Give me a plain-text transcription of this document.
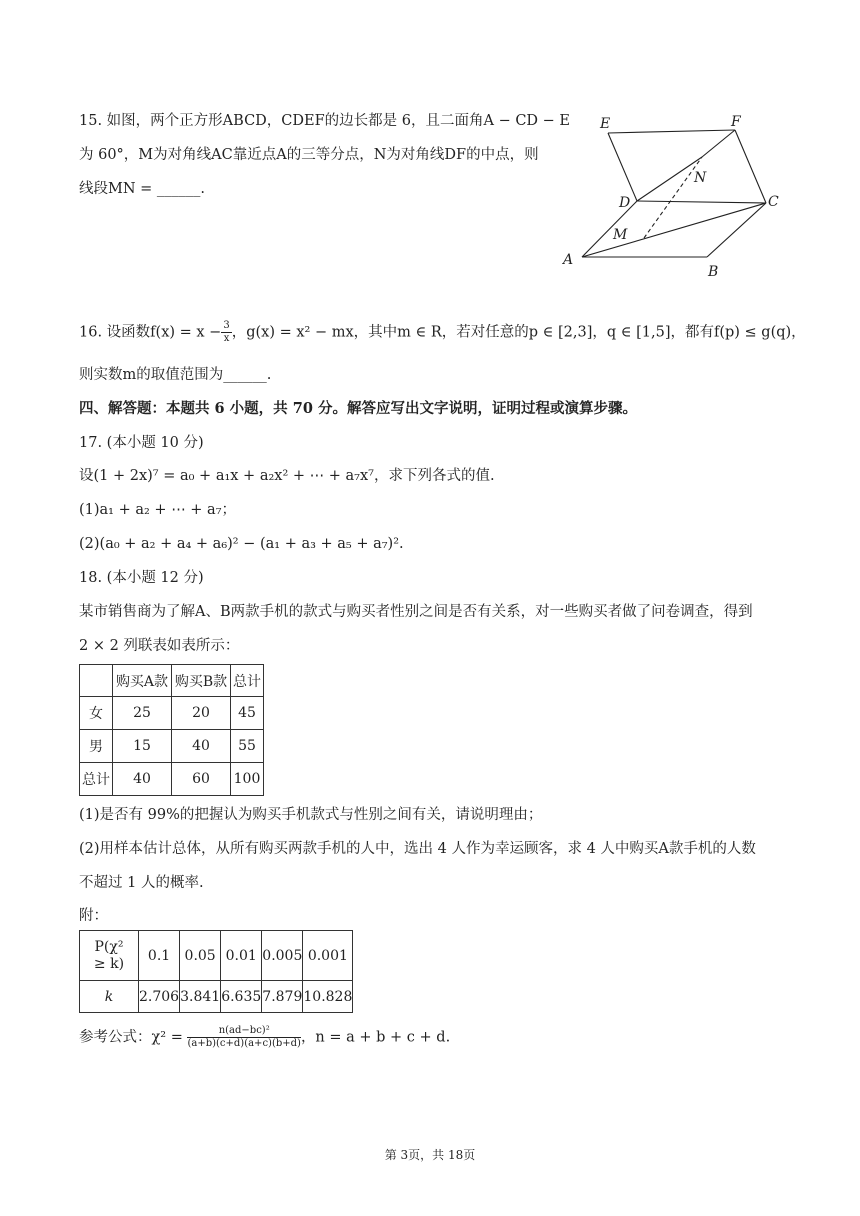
15. 如图，两个正方形ABCD，CDEF的边长都是 6，且二面角A − CD − E
为 60°，M为对角线AC靠近点A的三等分点，N为对角线DF的中点，则
线段MN = ______.
E	F
N
D	C
M
A
B
16. 设函数$f(x) = x - \frac{3}{x}$ ，g(x) = x² − mx，其中m ∈ R，若对任意的p ∈ [2,3]，q ∈ [1,5]，都有f(p) ≤ g(q)，
则实数m的取值范围为______.
四、解答题：本题共 6 小题，共 70 分。解答应写出文字说明，证明过程或演算步骤。
17. (本小题 10 分)
设(1 + 2x)⁷ = a₀ + a₁x + a₂x² + ⋯ + a₇x⁷，求下列各式的值.
(1)a₁ + a₂ + ⋯ + a₇；
(2)(a₀ + a₂ + a₄ + a₆)² − (a₁ + a₃ + a₅ + a₇)².
18. (本小题 12 分)
某市销售商为了解A、B两款手机的款式与购买者性别之间是否有关系，对一些购买者做了问卷调查，得到
2 × 2 列联表如表所示：
	购买A款	购买B款	总计
女	25	20	45
男	15	40	55
总计	40	60	100
(1)是否有 99%的把握认为购买手机款式与性别之间有关，请说明理由；
(2)用样本估计总体，从所有购买两款手机的人中，选出 4 人作为幸运顾客，求 4 人中购买A款手机的人数
不超过 1 人的概率.
附：
P(χ²
≥ k)	0.1	0.05	0.01	0.005	0.001
k	2.706	3.841	6.635	7.879	10.828
参考公式：$\chi^2 = \frac{\text{n(ad−bc)²}}{(a+b)(c+d)(a+c)(b+d)}$ ，n = a + b + c + d.
第 3页，共 18页
